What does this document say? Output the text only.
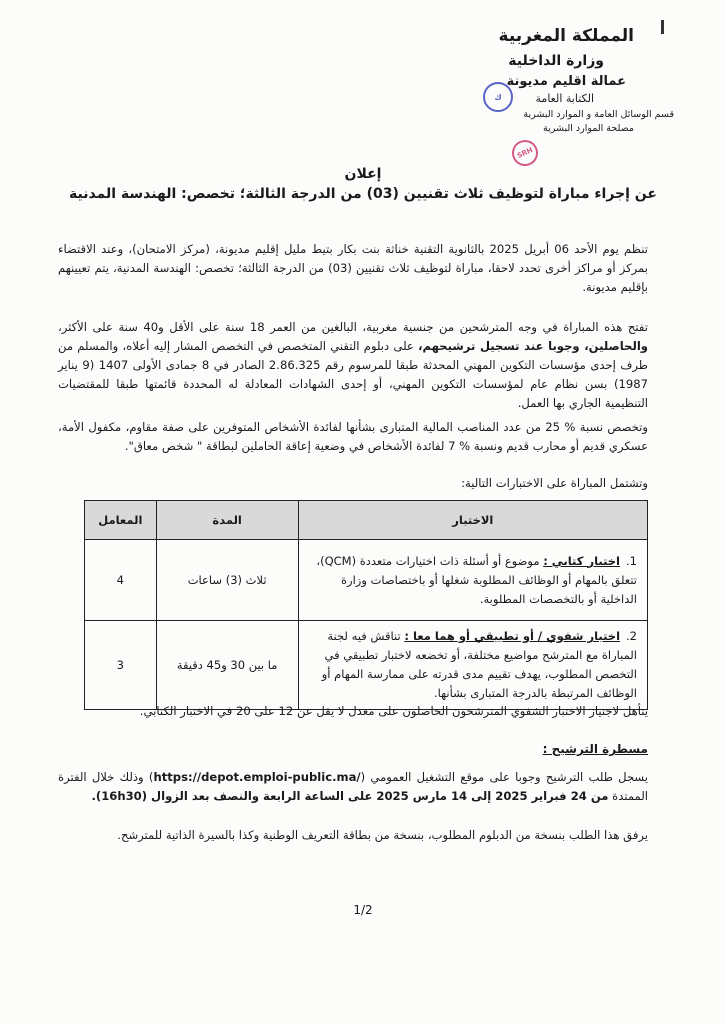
المملكة المغربية
وزارة الداخلية
عمالة اقليم مديونة
الكتابة العامة
قسم الوسائل العامة و الموارد البشرية
مصلحة الموارد البشرية
ك
SRH
إعلان
عن إجراء مباراة لتوظيف ثلاث تقنيين (03) من الدرجة الثالثة؛ تخصص: الهندسة المدنية
تنظم يوم الأحد 06 أبريل 2025 بالثانوية التقنية خناثة بنت بكار بتيط مليل إقليم مديونة، (مركز الامتحان)، وعند الاقتضاء بمركز أو مراكز أخرى تحدد لاحقا، مباراة لتوظيف ثلاث تقنيين (03) من الدرجة الثالثة؛ تخصص: الهندسة المدنية، يتم تعيينهم بإقليم مديونة.
تفتح هذه المباراة في وجه المترشحين من جنسية مغربية، البالغين من العمر 18 سنة على الأقل و40 سنة على الأكثر، والحاصلين، وجوبا عند تسجيل ترشيحهم، على دبلوم التقني المتخصص في التخصص المشار إليه أعلاه، والمسلم من طرف إحدى مؤسسات التكوين المهني المحدثة طبقا للمرسوم رقم 2.86.325 الصادر في 8 جمادى الأولى 1407 (9 يناير 1987) بسن نظام عام لمؤسسات التكوين المهني، أو إحدى الشهادات المعادلة له المحددة قائمتها طبقا للمقتضيات التنظيمية الجاري بها العمل.
وتخصص نسبة % 25 من عدد المناصب المالية المتبارى بشأنها لفائدة الأشخاص المتوفرين على صفة مقاوم، مكفول الأمة، عسكري قديم أو محارب قديم ونسبة % 7 لفائدة الأشخاص في وضعية إعاقة الحاملين لبطاقة " شخص معاق".
وتشتمل المباراة على الاختبارات التالية:
الاختبار	المدة	المعامل
1.اختبار كتابي : موضوع أو أسئلة ذات اختيارات متعددة (QCM)، تتعلق بالمهام أو الوظائف المطلوبة شغلها أو باختصاصات وزارة الداخلية أو بالتخصصات المطلوبة.	ثلاث (3) ساعات	4
2.اختبار شفوي / أو تطبيقي أو هما معا : تناقش فيه لجنة المباراة مع المترشح مواضيع مختلفة، أو تخضعه لاختبار تطبيقي في التخصص المطلوب، يهدف تقييم مدى قدرته على ممارسة المهام أو الوظائف المرتبطة بالدرجة المتبارى بشأنها.	ما بين 30 و45 دقيقة	3
يتأهل لاجتياز الاختبار الشفوي المترشحون الحاصلون على معدل لا يقل عن 12 على 20 في الاختبار الكتابي.
مسطرة الترشيح :
يسجل طلب الترشيح وجوبا على موقع التشغيل العمومي (https://depot.emploi-public.ma/) وذلك خلال الفترة الممتدة من 24 فبراير 2025 إلى 14 مارس 2025 على الساعة الرابعة والنصف بعد الزوال (16h30).
يرفق هذا الطلب بنسخة من الدبلوم المطلوب، بنسخة من بطاقة التعريف الوطنية وكذا بالسيرة الذاتية للمترشح.
1/2
